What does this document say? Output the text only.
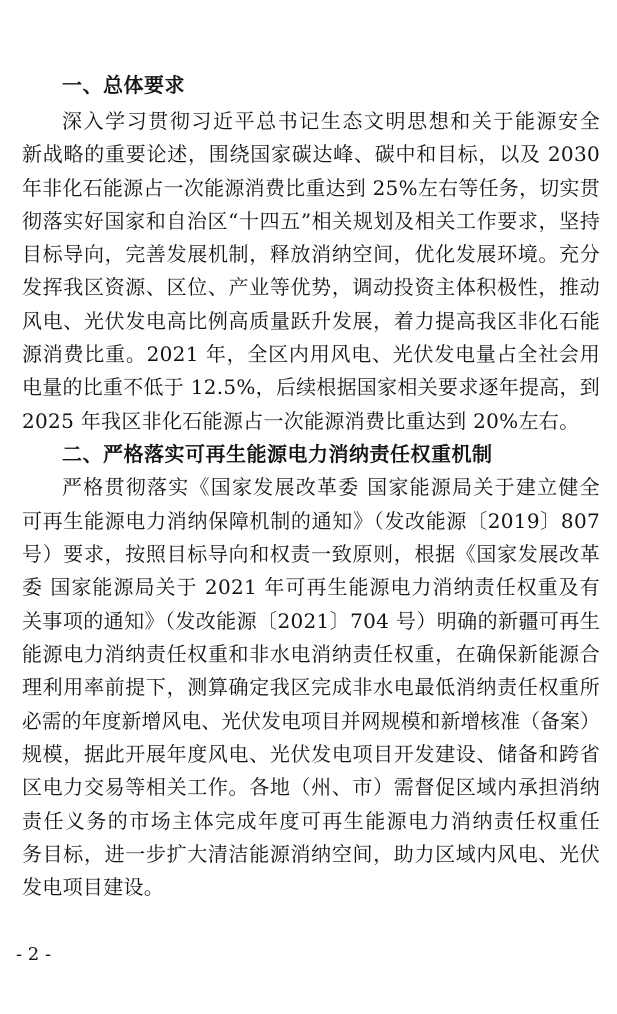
一、总体要求
深入学习贯彻习近平总书记生态文明思想和关于能源安全
新战略的重要论述，围绕国家碳达峰、碳中和目标，以及 2030
年非化石能源占一次能源消费比重达到 25%左右等任务，切实贯
彻落实好国家和自治区“十四五”相关规划及相关工作要求，坚持
目标导向，完善发展机制，释放消纳空间，优化发展环境。充分
发挥我区资源、区位、产业等优势，调动投资主体积极性，推动
风电、光伏发电高比例高质量跃升发展，着力提高我区非化石能
源消费比重。2021 年，全区内用风电、光伏发电量占全社会用
电量的比重不低于 12.5%，后续根据国家相关要求逐年提高，到
2025 年我区非化石能源占一次能源消费比重达到 20%左右。
二、严格落实可再生能源电力消纳责任权重机制
严格贯彻落实《国家发展改革委 国家能源局关于建立健全
可再生能源电力消纳保障机制的通知》（发改能源〔2019〕807
号）要求，按照目标导向和权责一致原则，根据《国家发展改革
委 国家能源局关于 2021 年可再生能源电力消纳责任权重及有
关事项的通知》（发改能源〔2021〕704 号）明确的新疆可再生
能源电力消纳责任权重和非水电消纳责任权重，在确保新能源合
理利用率前提下，测算确定我区完成非水电最低消纳责任权重所
必需的年度新增风电、光伏发电项目并网规模和新增核准（备案）
规模，据此开展年度风电、光伏发电项目开发建设、储备和跨省
区电力交易等相关工作。各地（州、市）需督促区域内承担消纳
责任义务的市场主体完成年度可再生能源电力消纳责任权重任
务目标，进一步扩大清洁能源消纳空间，助力区域内风电、光伏
发电项目建设。
- 2 -
